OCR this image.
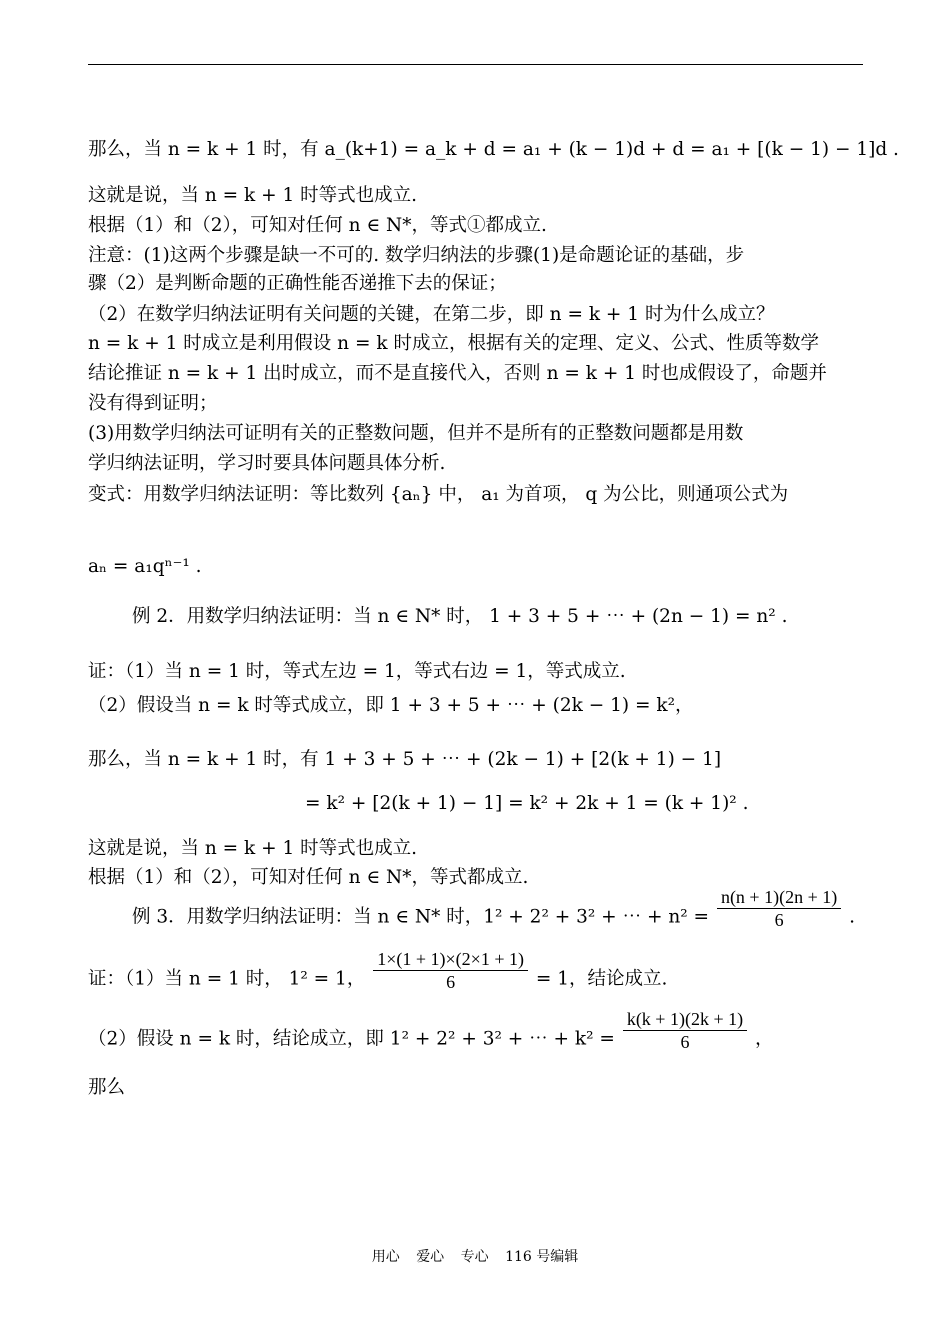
那么，当 n = k + 1 时，有 a_(k+1) = a_k + d = a₁ + (k − 1)d + d = a₁ + [(k − 1) − 1]d .
这就是说，当 n = k + 1 时等式也成立.
根据（1）和（2），可知对任何 n ∈ N*，等式①都成立.
注意：(1)这两个步骤是缺一不可的. 数学归纳法的步骤(1)是命题论证的基础，步
骤（2）是判断命题的正确性能否递推下去的保证；
（2）在数学归纳法证明有关问题的关键，在第二步，即 n = k + 1 时为什么成立？
n = k + 1 时成立是利用假设 n = k 时成立，根据有关的定理、定义、公式、性质等数学
结论推证 n = k + 1 出时成立，而不是直接代入，否则 n = k + 1 时也成假设了，命题并
没有得到证明；
(3)用数学归纳法可证明有关的正整数问题，但并不是所有的正整数问题都是用数
学归纳法证明，学习时要具体问题具体分析.
变式：用数学归纳法证明：等比数列 {aₙ} 中， a₁ 为首项， q 为公比，则通项公式为
aₙ = a₁qⁿ⁻¹ .
例 2．用数学归纳法证明：当 n ∈ N* 时， 1 + 3 + 5 + ⋯ + (2n − 1) = n² .
证：（1）当 n = 1 时，等式左边 = 1，等式右边 = 1，等式成立.
（2）假设当 n = k 时等式成立，即 1 + 3 + 5 + ⋯ + (2k − 1) = k²，
那么，当 n = k + 1 时，有 1 + 3 + 5 + ⋯ + (2k − 1) + [2(k + 1) − 1]
= k² + [2(k + 1) − 1] = k² + 2k + 1 = (k + 1)² .
这就是说，当 n = k + 1 时等式也成立.
根据（1）和（2），可知对任何 n ∈ N*，等式都成立.
例 3．用数学归纳法证明：当 n ∈ N* 时，1² + 2² + 3² + ⋯ + $n^2 = \frac{n(n + 1)(2n + 1)}{6}$ .
证：（1）当 n = 1 时， 1² = 1， $\frac{1\times(1 + 1)\times(2\times 1 + 1)}{6} = 1$，结论成立.
（2）假设 n = k 时，结论成立，即 1² + 2² + 3² + ⋯ + $k^2 = \frac{k(k + 1)(2k + 1)}{6}$ ，
那么
用心 爱心 专心 116 号编辑
